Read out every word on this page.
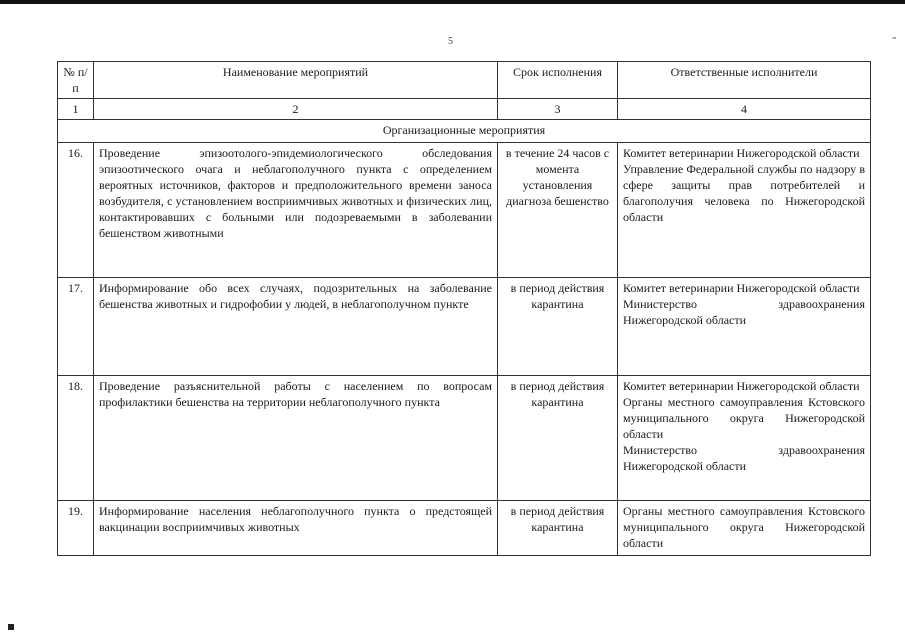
5	-
№ п/п	Наименование мероприятий	Срок исполнения	Ответственные исполнители
1	2	3	4
Организационные мероприятия			
16.	Проведение эпизоотолого-эпидемиологического обследования эпизоотического очага и неблагополучного пункта с определением вероятных источников, факторов и предположительного времени заноса возбудителя, с установлением восприимчивых животных и физических лиц, контактировавших с больными или подозреваемыми в заболевании бешенством животными	в течение 24 часов с момента установления диагноза бешенство	Комитет ветеринарии Нижегородской области
Управление Федеральной службы по надзору в сфере защиты прав потребителей и благополучия человека по Нижегородской области

17.	Информирование обо всех случаях, подозрительных на заболевание бешенства животных и гидрофобии у людей, в неблагополучном пункте	в период действия карантина	Комитет ветеринарии Нижегородской области
Министерство здравоохранения Нижегородской области

18.	Проведение разъяснительной работы с населением по вопросам профилактики бешенства на территории неблагополучного пункта	в период действия карантина	Комитет ветеринарии Нижегородской области
Органы местного самоуправления Кстовского муниципального округа Нижегородской области
Министерство здравоохранения Нижегородской области

19.	Информирование населения неблагополучного пункта о предстоящей вакцинации восприимчивых животных	в период действия карантина	Органы местного самоуправления Кстовского муниципального округа Нижегородской области
